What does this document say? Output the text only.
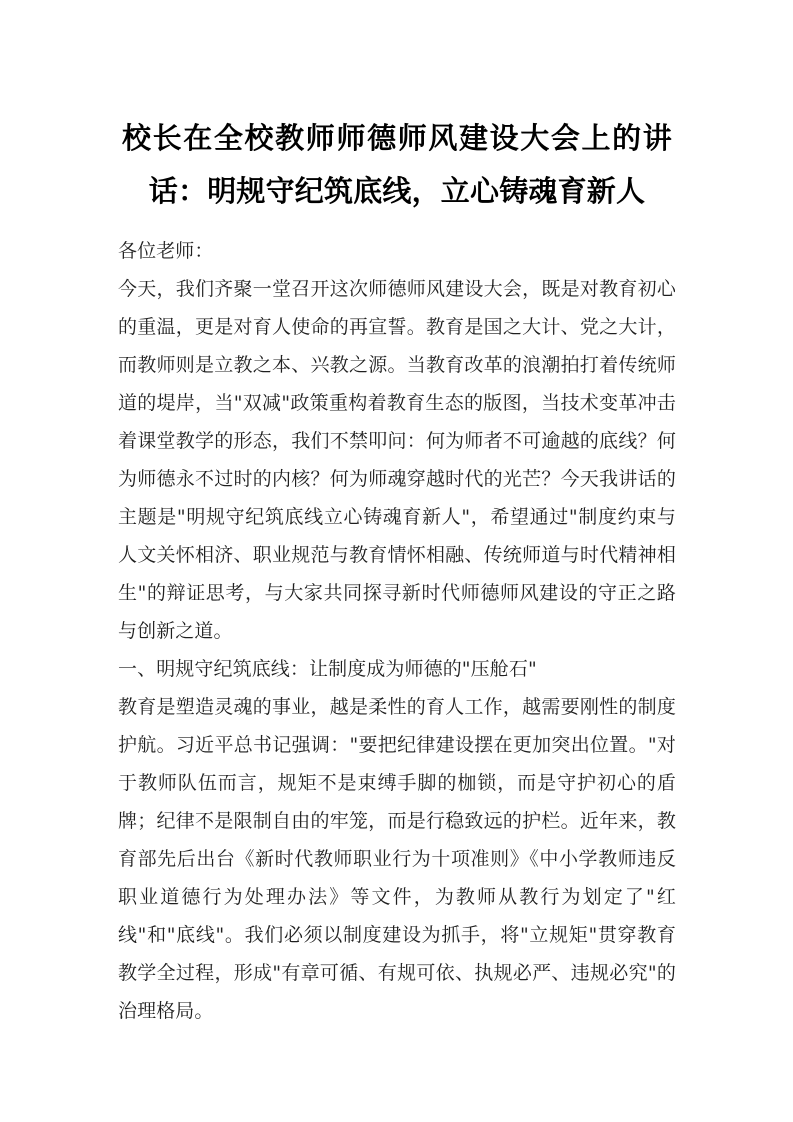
校长在全校教师师德师风建设大会上的讲话：明规守纪筑底线，立心铸魂育新人

各位老师：

今天，我们齐聚一堂召开这次师德师风建设大会，既是对教育初心的重温，更是对育人使命的再宣誓。教育是国之大计、党之大计，而教师则是立教之本、兴教之源。当教育改革的浪潮拍打着传统师道的堤岸，当"双减"政策重构着教育生态的版图，当技术变革冲击着课堂教学的形态，我们不禁叩问：何为师者不可逾越的底线？何为师德永不过时的内核？何为师魂穿越时代的光芒？今天我讲话的主题是"明规守纪筑底线立心铸魂育新人"，希望通过"制度约束与人文关怀相济、职业规范与教育情怀相融、传统师道与时代精神相生"的辩证思考，与大家共同探寻新时代师德师风建设的守正之路与创新之道。

一、明规守纪筑底线：让制度成为师德的"压舱石"

教育是塑造灵魂的事业，越是柔性的育人工作，越需要刚性的制度护航。习近平总书记强调："要把纪律建设摆在更加突出位置。"对于教师队伍而言，规矩不是束缚手脚的枷锁，而是守护初心的盾牌；纪律不是限制自由的牢笼，而是行稳致远的护栏。近年来，教育部先后出台《新时代教师职业行为十项准则》《中小学教师违反职业道德行为处理办法》等文件，为教师从教行为划定了"红线"和"底线"。我们必须以制度建设为抓手，将"立规矩"贯穿教育教学全过程，形成"有章可循、有规可依、执规必严、违规必究"的治理格局。
